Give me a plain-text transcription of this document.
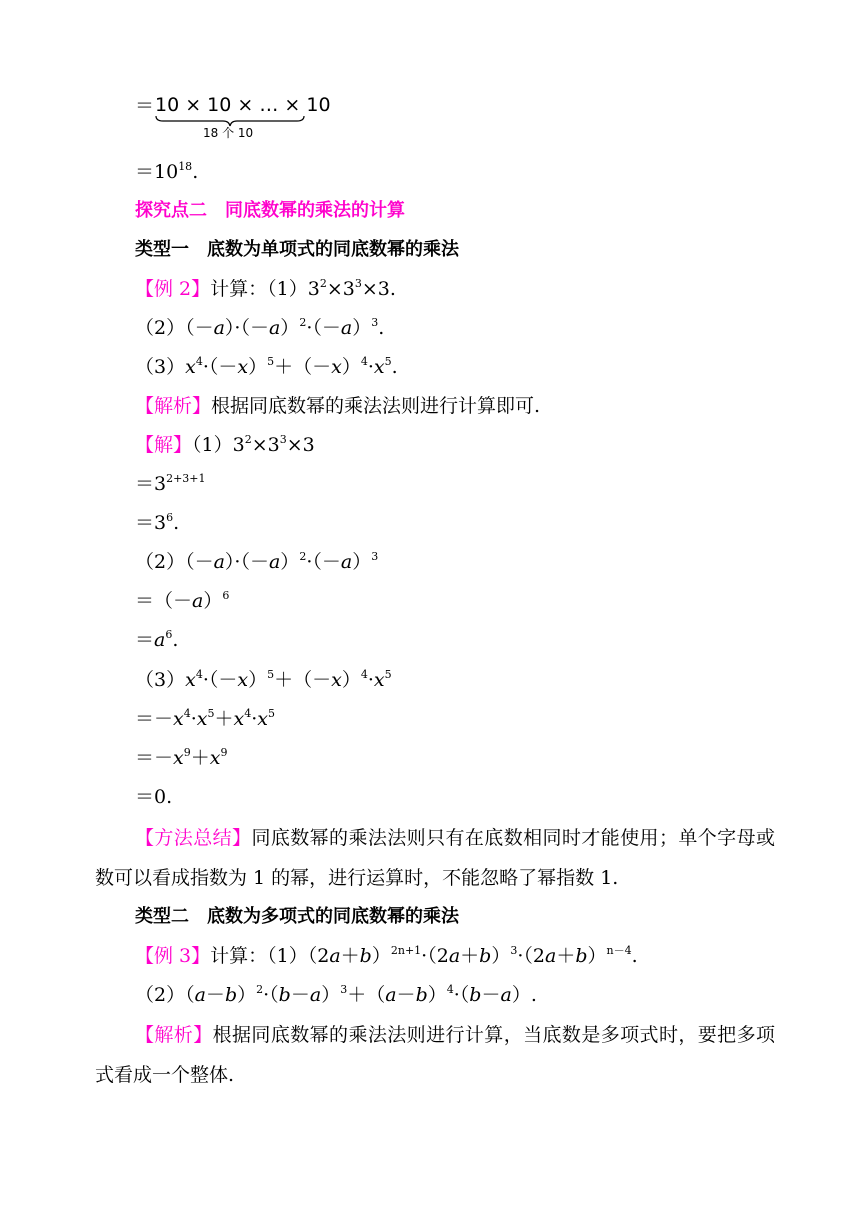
＝ 10 × 10 × … × 10
18 个 10
$=10^{18}$.
探究点二　同底数幂的乘法的计算
类型一　底数为单项式的同底数幂的乘法
【例 2】计算：$(1)3^2\times 3^3\times 3$.
$(2)(-a)\cdot(-a)^2\cdot(-a)^3$.
$(3)x^4\cdot(-x)^5+(-x)^4\cdot x^5$.
【解析】根据同底数幂的乘法法则进行计算即可.
【解】$(1)3^2\times 3^3\times 3$
$=3^{2+3+1}$
$=3^6$.
$(2)(-a)\cdot(-a)^2\cdot(-a)^3$
$=(-a)^6$
$=a^6$.
$(3)x^4\cdot(-x)^5+(-x)^4\cdot x^5$
$=-x^4\cdot x^5+x^4\cdot x^5$
$=-x^9+x^9$
＝0.
【方法总结】同底数幂的乘法法则只有在底数相同时才能使用；单个字母或数可以看成指数为 1 的幂，进行运算时，不能忽略了幂指数 1.
类型二　底数为多项式的同底数幂的乘法
【例 3】计算：$(1)(2a+b)^{2n+1}\cdot(2a+b)^3\cdot(2a+b)^{n-4}$.
$(2)(a-b)^2\cdot(b-a)^3+(a-b)^4\cdot(b-a)$.
【解析】根据同底数幂的乘法法则进行计算，当底数是多项式时，要把多项式看成一个整体.
